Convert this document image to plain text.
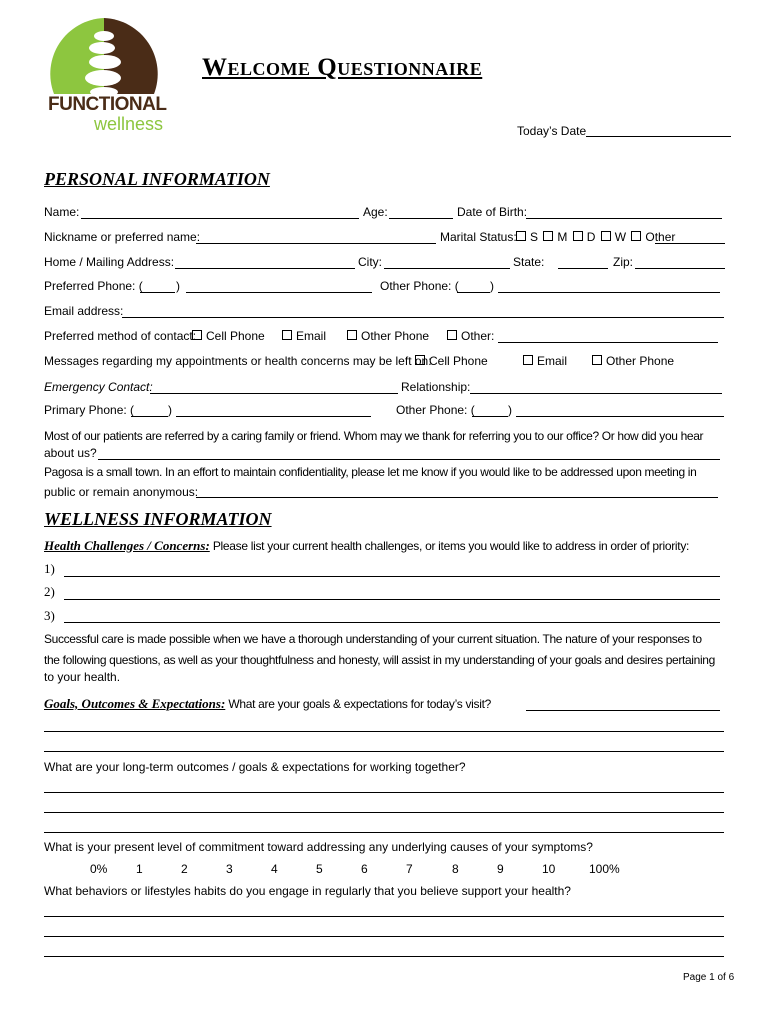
FUNCTIONAL
wellness
Welcome Questionnaire
Today’s Date
PERSONAL INFORMATION
Name:	Age:	Date of Birth:
Nickname or preferred name:	Marital Status:	S M D W Other
Home / Mailing Address:	City:	State:	Zip:
Preferred Phone: (	)	Other Phone: (	)
Email address:
Preferred method of contact: Cell Phone	Email	Other Phone	Other:
Messages regarding my appointments or health concerns may be left on:
Cell Phone	Email	Other Phone
Emergency Contact:	Relationship:
Primary Phone: (	)	Other Phone: (	)
Most of our patients are referred by a caring family or friend. Whom may we thank for referring you to our office? Or how did you hear
about us?
Pagosa is a small town. In an effort to maintain confidentiality, please let me know if you would like to be addressed upon meeting in
public or remain anonymous:
WELLNESS INFORMATION
Health Challenges / Concerns: Please list your current health challenges, or items you would like to address in order of priority:
1)
2)
3)
Successful care is made possible when we have a thorough understanding of your current situation. The nature of your responses to
the following questions, as well as your thoughtfulness and honesty, will assist in my understanding of your goals and desires pertaining
to your health.
Goals, Outcomes & Expectations: What are your goals & expectations for today’s visit?
What are your long-term outcomes / goals & expectations for working together?
What is your present level of commitment toward addressing any underlying causes of your symptoms?
0% 1	2	3	4	5	6	7	8	9	10	100%
What behaviors or lifestyles habits do you engage in regularly that you believe support your health?
Page 1 of 6
